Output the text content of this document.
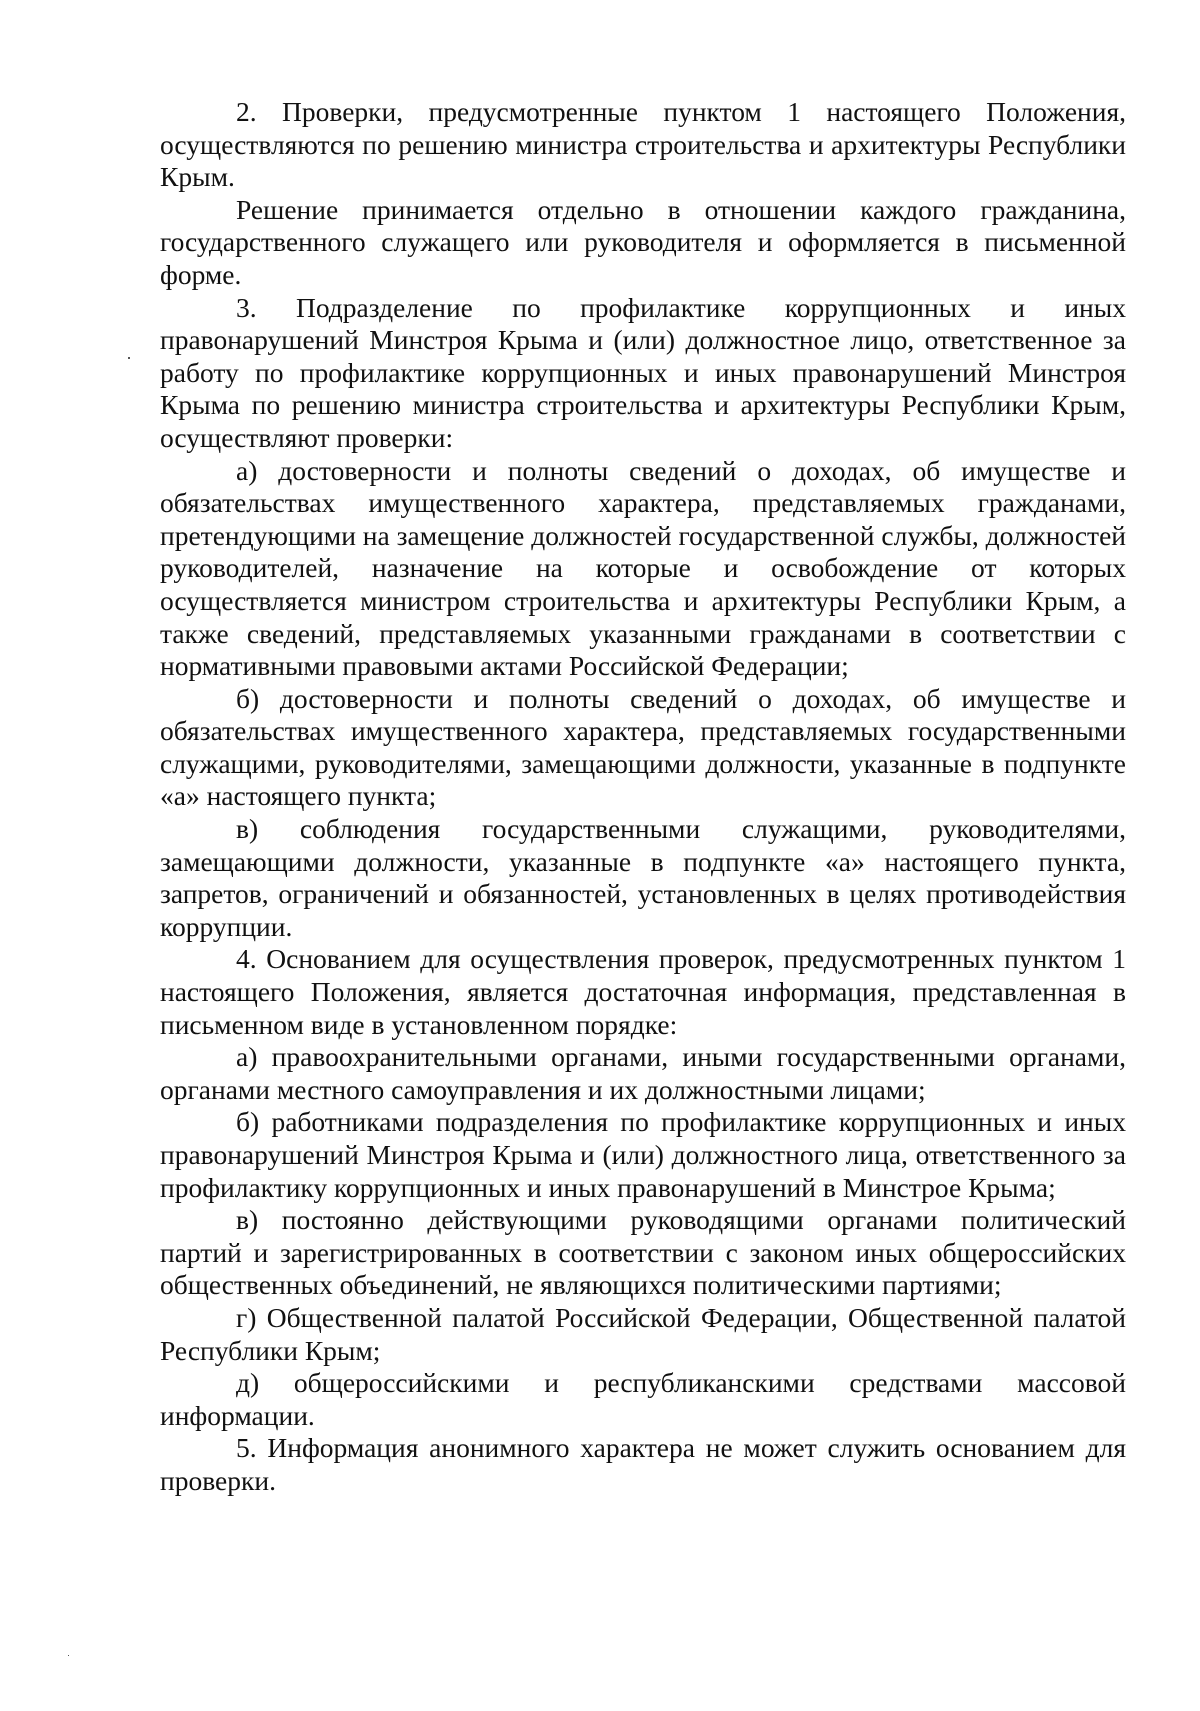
2. Проверки, предусмотренные пунктом 1 настоящего Положения, осуществляются по решению министра строительства и архитектуры Республики Крым.

Решение принимается отдельно в отношении каждого гражданина, государственного служащего или руководителя и оформляется в письменной форме.

3. Подразделение по профилактике коррупционных и иных правонарушений Минстроя Крыма и (или) должностное лицо, ответственное за работу по профилактике коррупционных и иных правонарушений Минстроя Крыма по решению министра строительства и архитектуры Республики Крым, осуществляют проверки:

а) достоверности и полноты сведений о доходах, об имуществе и обязательствах имущественного характера, представляемых гражданами, претендующими на замещение должностей государственной службы, должностей руководителей, назначение на которые и освобождение от которых осуществляется министром строительства и архитектуры Республики Крым, а также сведений, представляемых указанными гражданами в соответствии с нормативными правовыми актами Российской Федерации;

б) достоверности и полноты сведений о доходах, об имуществе и обязательствах имущественного характера, представляемых государственными служащими, руководителями, замещающими должности, указанные в подпункте «а» настоящего пункта;

в) соблюдения государственными служащими, руководителями, замещающими должности, указанные в подпункте «а» настоящего пункта, запретов, ограничений и обязанностей, установленных в целях противодействия коррупции.

4. Основанием для осуществления проверок, предусмотренных пунктом 1 настоящего Положения, является достаточная информация, представленная в письменном виде в установленном порядке:

а) правоохранительными органами, иными государственными органами, органами местного самоуправления и их должностными лицами;

б) работниками подразделения по профилактике коррупционных и иных правонарушений Минстроя Крыма и (или) должностного лица, ответственного за профилактику коррупционных и иных правонарушений в Минстрое Крыма;

в) постоянно действующими руководящими органами политический партий и зарегистрированных в соответствии с законом иных общероссийских общественных объединений, не являющихся политическими партиями;

г) Общественной палатой Российской Федерации, Общественной палатой Республики Крым;

д) общероссийскими и республиканскими средствами массовой информации.

5. Информация анонимного характера не может служить основанием для проверки.
